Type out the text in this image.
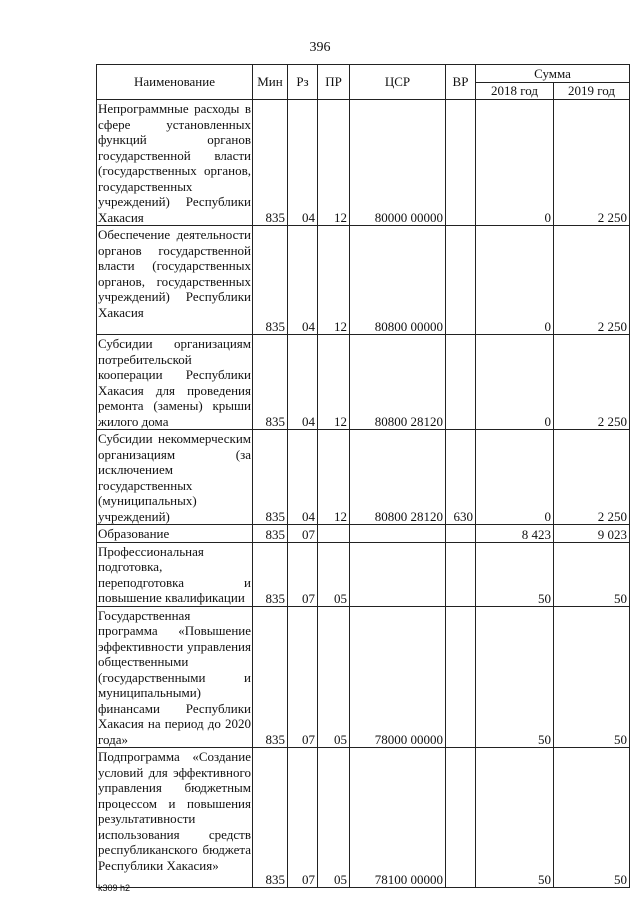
396
Наименование	Мин	Рз	ПР	ЦСР	ВР	Сумма	
						2018 год	2019 год
Непрограммные расходы в сфере установленных функций органов государственной власти (государственных органов, государственных учреждений) Республики Хакасия	835	04	12	80000 00000		0	2 250
Обеспечение деятельности органов государственной власти (государственных органов, государственных учреждений) Республики Хакасия	835	04	12	80800 00000		0	2 250
Субсидии организациям потребительской кооперации Республики Хакасия для проведения ремонта (замены) крыши жилого дома	835	04	12	80800 28120		0	2 250
Субсидии некоммерческим организациям (за исключением государственных (муниципальных) учреждений)	835	04	12	80800 28120	630	0	2 250
Образование	835	07				8 423	9 023
Профессиональная подготовка, переподготовка и повышение квалификации	835	07	05			50	50
Государственная программа «Повышение эффективности управления общественными (государственными и муниципальными) финансами Республики Хакасия на период до 2020 года»	835	07	05	78000 00000		50	50
Подпрограмма «Создание условий для эффективного управления бюджетным процессом и повышения результативности использования средств республиканского бюджета Республики Хакасия»	835	07	05	78100 00000		50	50
k309 h2
